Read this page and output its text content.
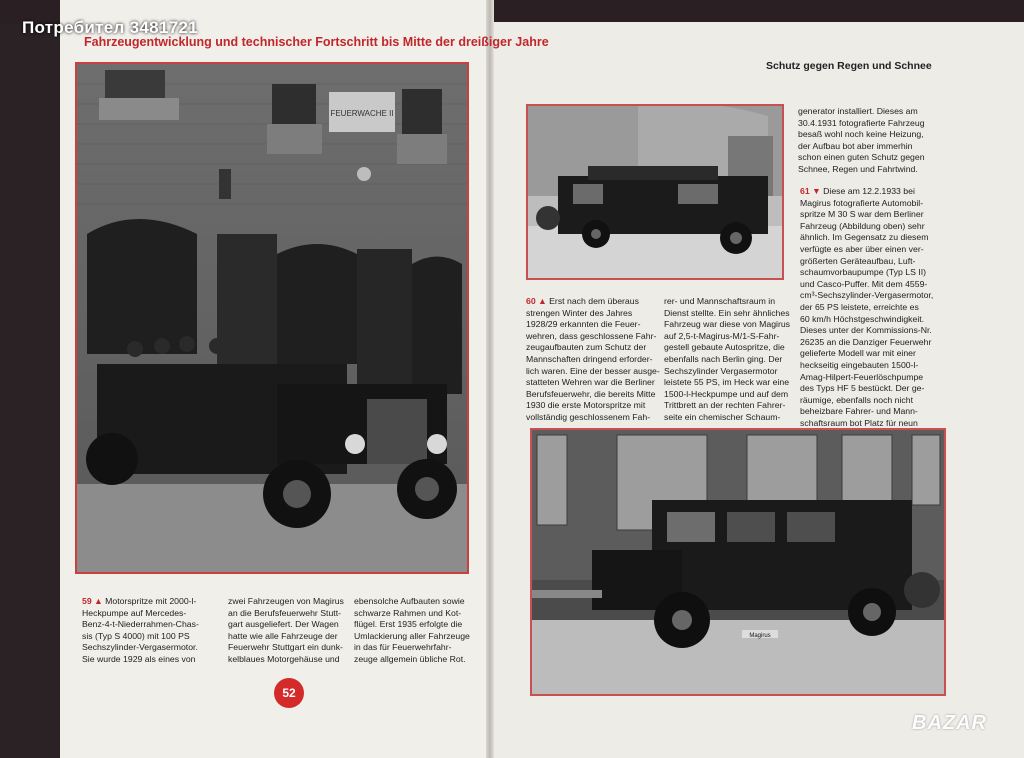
Потребител 3481721
Fahrzeugentwicklung und technischer Fortschritt bis Mitte der dreißiger Jahre
Schutz gegen Regen und Schnee
FEUERWACHE II
59 ▲ Motorspritze mit 2000-l-
Heckpumpe auf Mercedes-
Benz-4-t-Niederrahmen-Chas-
sis (Typ S 4000) mit 100 PS
Sechszylinder-Vergasermotor.
Sie wurde 1929 als eines von
zwei Fahrzeugen von Magirus
an die Berufsfeuerwehr Stutt-
gart ausgeliefert. Der Wagen
hatte wie alle Fahrzeuge der
Feuerwehr Stuttgart ein dunk-
kelblaues Motorgehäuse und
ebensolche Aufbauten sowie
schwarze Rahmen und Kot-
flügel. Erst 1935 erfolgte die
Umlackierung aller Fahrzeuge
in das für Feuerwehrfahr-
zeuge allgemein übliche Rot.
52
generator installiert. Dieses am
30.4.1931 fotografierte Fahrzeug
besaß wohl noch keine Heizung,
der Aufbau bot aber immerhin
schon einen guten Schutz gegen
Schnee, Regen und Fahrtwind.
61 ▼ Diese am 12.2.1933 bei
Magirus fotografierte Automobil-
spritze M 30 S war dem Berliner
Fahrzeug (Abbildung oben) sehr
ähnlich. Im Gegensatz zu diesem
verfügte es aber über einen ver-
größerten Geräteaufbau, Luft-
schaumvorbaupumpe (Typ LS II)
und Casco-Puffer. Mit dem 4559-
cm³-Sechszylinder-Vergasermotor,
der 65 PS leistete, erreichte es
60 km/h Höchstgeschwindigkeit.
Dieses unter der Kommissions-Nr.
26235 an die Danziger Feuerwehr
gelieferte Modell war mit einer
heckseitig eingebauten 1500-l-
Amag-Hilpert-Feuerlöschpumpe
des Typs HF 5 bestückt. Der ge-
räumige, ebenfalls noch nicht
beheizbare Fahrer- und Mann-
schaftsraum bot Platz für neun

60 ▲ Erst nach dem überaus
strengen Winter des Jahres
1928/29 erkannten die Feuer-
wehren, dass geschlossene Fahr-
zeugaufbauten zum Schutz der
Mannschaften dringend erforder-
lich waren. Eine der besser ausge-
statteten Wehren war die Berliner
Berufsfeuerwehr, die bereits Mitte
1930 die erste Motorspritze mit
vollständig geschlossenem Fah-
rer- und Mannschaftsraum in
Dienst stellte. Ein sehr ähnliches
Fahrzeug war diese von Magirus
auf 2,5-t-Magirus-M/1-S-Fahr-
gestell gebaute Autospritze, die
ebenfalls nach Berlin ging. Der
Sechszylinder Vergasermotor
leistete 55 PS, im Heck war eine
1500-l-Heckpumpe und auf dem
Trittbrett an der rechten Fahrer-
seite ein chemischer Schaum-
Magirus
BAZAR
